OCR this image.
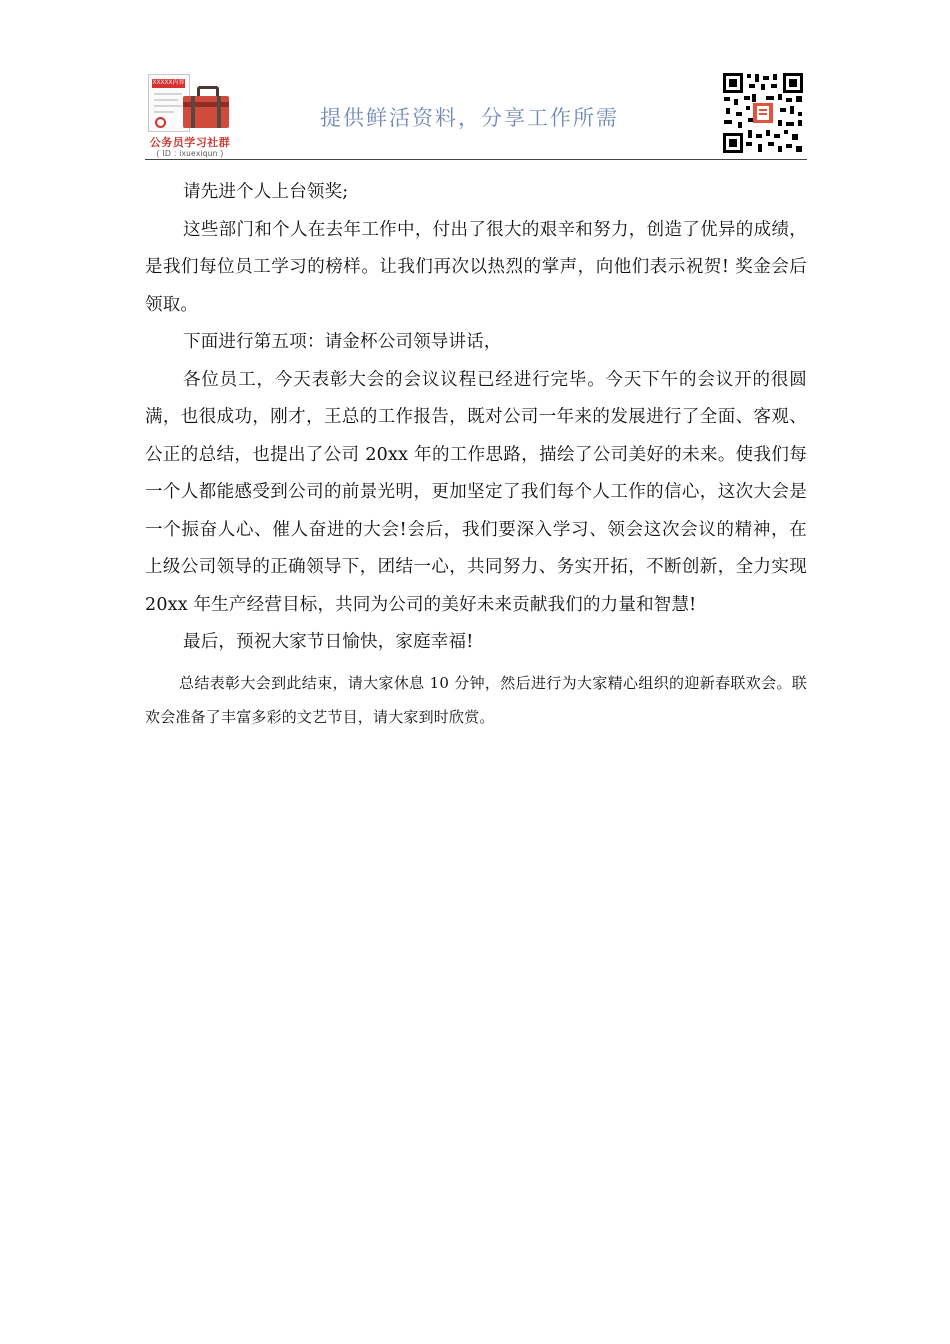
XXXXX内容
公务员学习社群
( ID : ixuexiqun )
提供鲜活资料，分享工作所需

请先进个人上台领奖;

这些部门和个人在去年工作中，付出了很大的艰辛和努力，创造了优异的成绩，是我们每位员工学习的榜样。让我们再次以热烈的掌声，向他们表示祝贺! 奖金会后领取。

下面进行第五项：请金杯公司领导讲话，

各位员工，今天表彰大会的会议议程已经进行完毕。今天下午的会议开的很圆满，也很成功，刚才，王总的工作报告，既对公司一年来的发展进行了全面、客观、公正的总结，也提出了公司 20xx 年的工作思路，描绘了公司美好的未来。使我们每一个人都能感受到公司的前景光明，更加坚定了我们每个人工作的信心，这次大会是一个振奋人心、催人奋进的大会!会后，我们要深入学习、领会这次会议的精神，在上级公司领导的正确领导下，团结一心，共同努力、务实开拓，不断创新，全力实现 20xx 年生产经营目标，共同为公司的美好未来贡献我们的力量和智慧!

最后，预祝大家节日愉快，家庭幸福!

总结表彰大会到此结束，请大家休息 10 分钟，然后进行为大家精心组织的迎新春联欢会。联欢会准备了丰富多彩的文艺节目，请大家到时欣赏。
